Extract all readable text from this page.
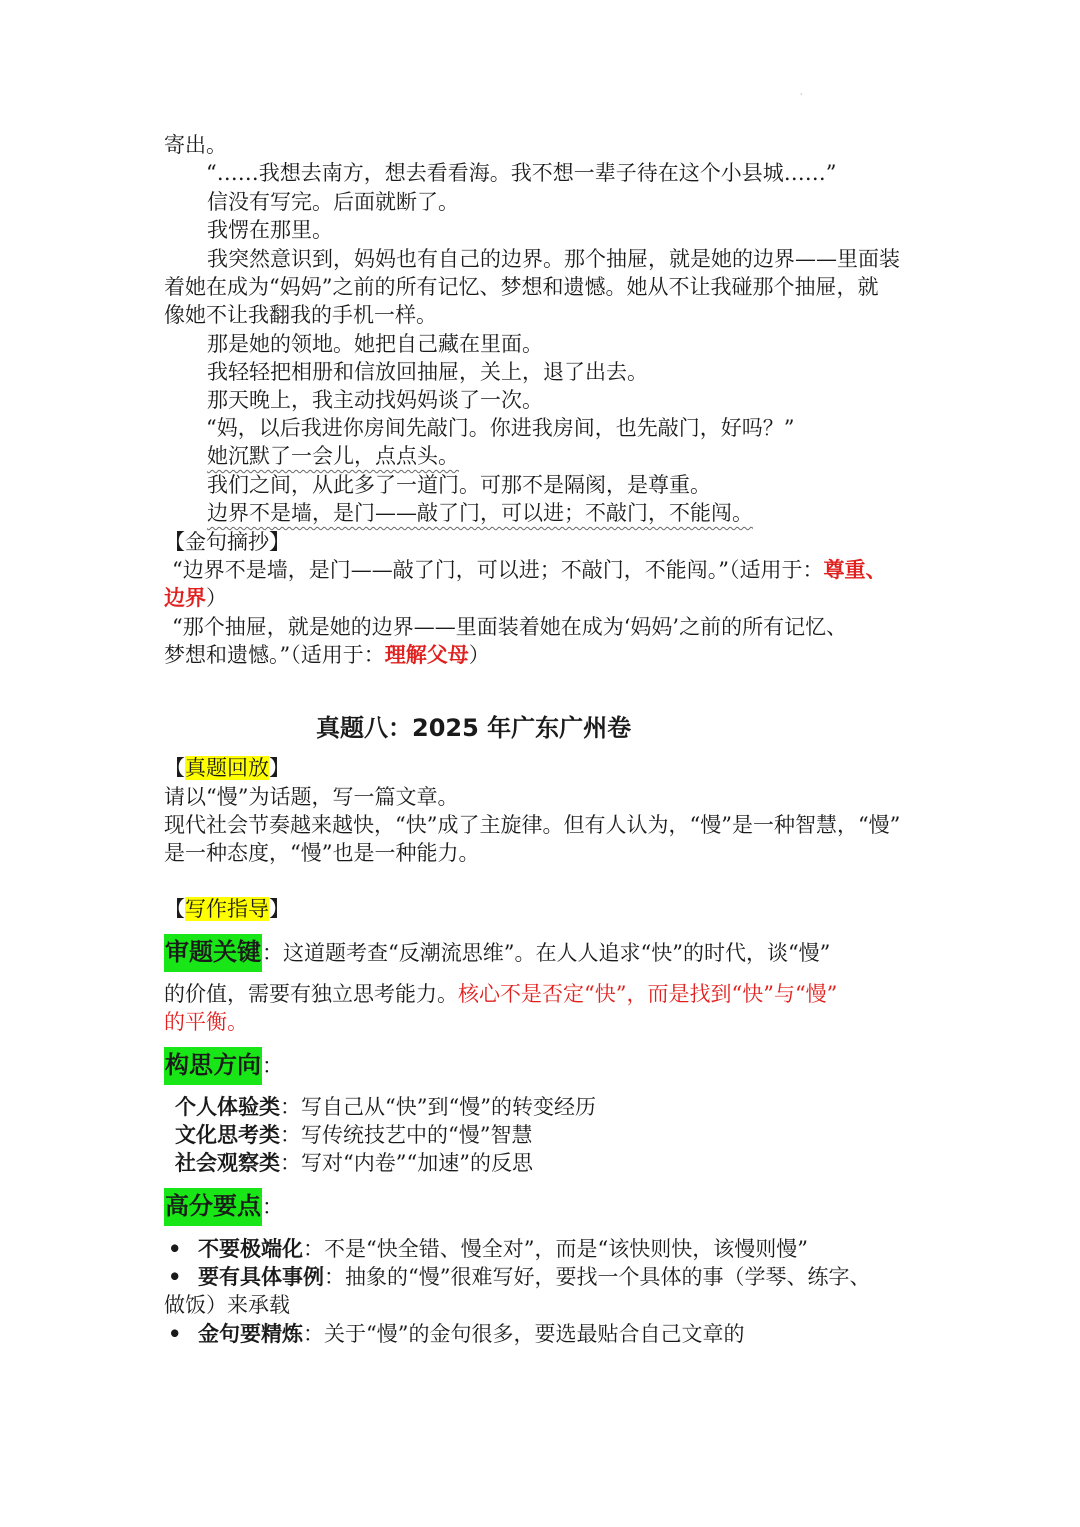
·
寄出。
“……我想去南方，想去看看海。我不想一辈子待在这个小县城……”
信没有写完。后面就断了。
我愣在那里。
我突然意识到，妈妈也有自己的边界。那个抽屉，就是她的边界——里面装
着她在成为“妈妈”之前的所有记忆、梦想和遗憾。她从不让我碰那个抽屉，就
像她不让我翻我的手机一样。
那是她的领地。她把自己藏在里面。
我轻轻把相册和信放回抽屉，关上，退了出去。
那天晚上，我主动找妈妈谈了一次。
“妈，以后我进你房间先敲门。你进我房间，也先敲门，好吗？”
她沉默了一会儿，点点头。
我们之间，从此多了一道门。可那不是隔阂，是尊重。
边界不是墙，是门——敲了门，可以进；不敲门，不能闯。
【金句摘抄】
“边界不是墙，是门——敲了门，可以进；不敲门，不能闯。”（适用于：尊重、
边界）
“那个抽屉，就是她的边界——里面装着她在成为‘妈妈’之前的所有记忆、
梦想和遗憾。”（适用于：理解父母）
真题八：2025 年广东广州卷
【真题回放】
请以“慢”为话题，写一篇文章。
现代社会节奏越来越快，“快”成了主旋律。但有人认为，“慢”是一种智慧，“慢”
是一种态度，“慢”也是一种能力。
【写作指导】
审题关键：这道题考查“反潮流思维”。在人人追求“快”的时代，谈“慢”
的价值，需要有独立思考能力。核心不是否定“快”，而是找到“快”与“慢”
的平衡。
构思方向：
个人体验类：写自己从“快”到“慢”的转变经历
文化思考类：写传统技艺中的“慢”智慧
社会观察类：写对“内卷”“加速”的反思
高分要点：
• 不要极端化：不是“快全错、慢全对”，而是“该快则快，该慢则慢”
• 要有具体事例：抽象的“慢”很难写好，要找一个具体的事（学琴、练字、
做饭）来承载
• 金句要精炼：关于“慢”的金句很多，要选最贴合自己文章的
